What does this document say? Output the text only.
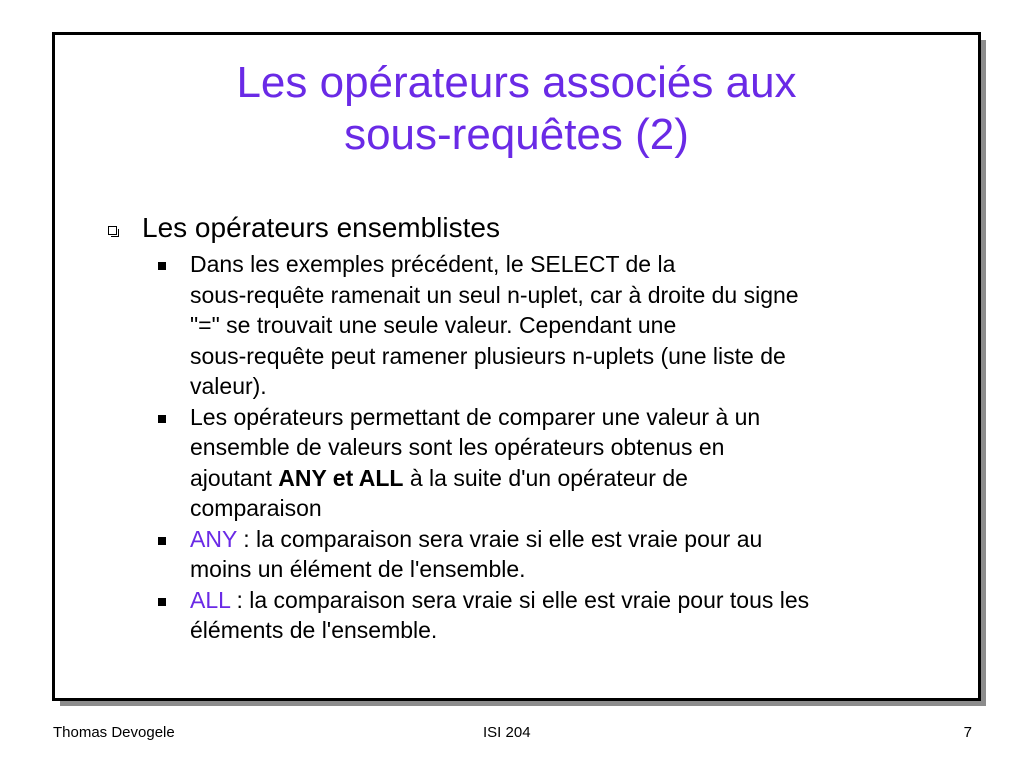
Les opérateurs associés aux
sous-requêtes (2)
Les opérateurs ensemblistes
Dans les exemples précédent, le SELECT de la
sous-requête ramenait un seul n-uplet, car à droite du signe
"=" se trouvait une seule valeur. Cependant une
sous-requête peut ramener plusieurs n-uplets (une liste de
valeur).
Les opérateurs permettant de comparer une valeur à un
ensemble de valeurs sont les opérateurs obtenus en
ajoutant ANY et ALL à la suite d'un opérateur de
comparaison
ANY : la comparaison sera vraie si elle est vraie pour au
moins un élément de l'ensemble.
ALL : la comparaison sera vraie si elle est vraie pour tous les
éléments de l'ensemble.
Thomas Devogele	ISI 204	7
